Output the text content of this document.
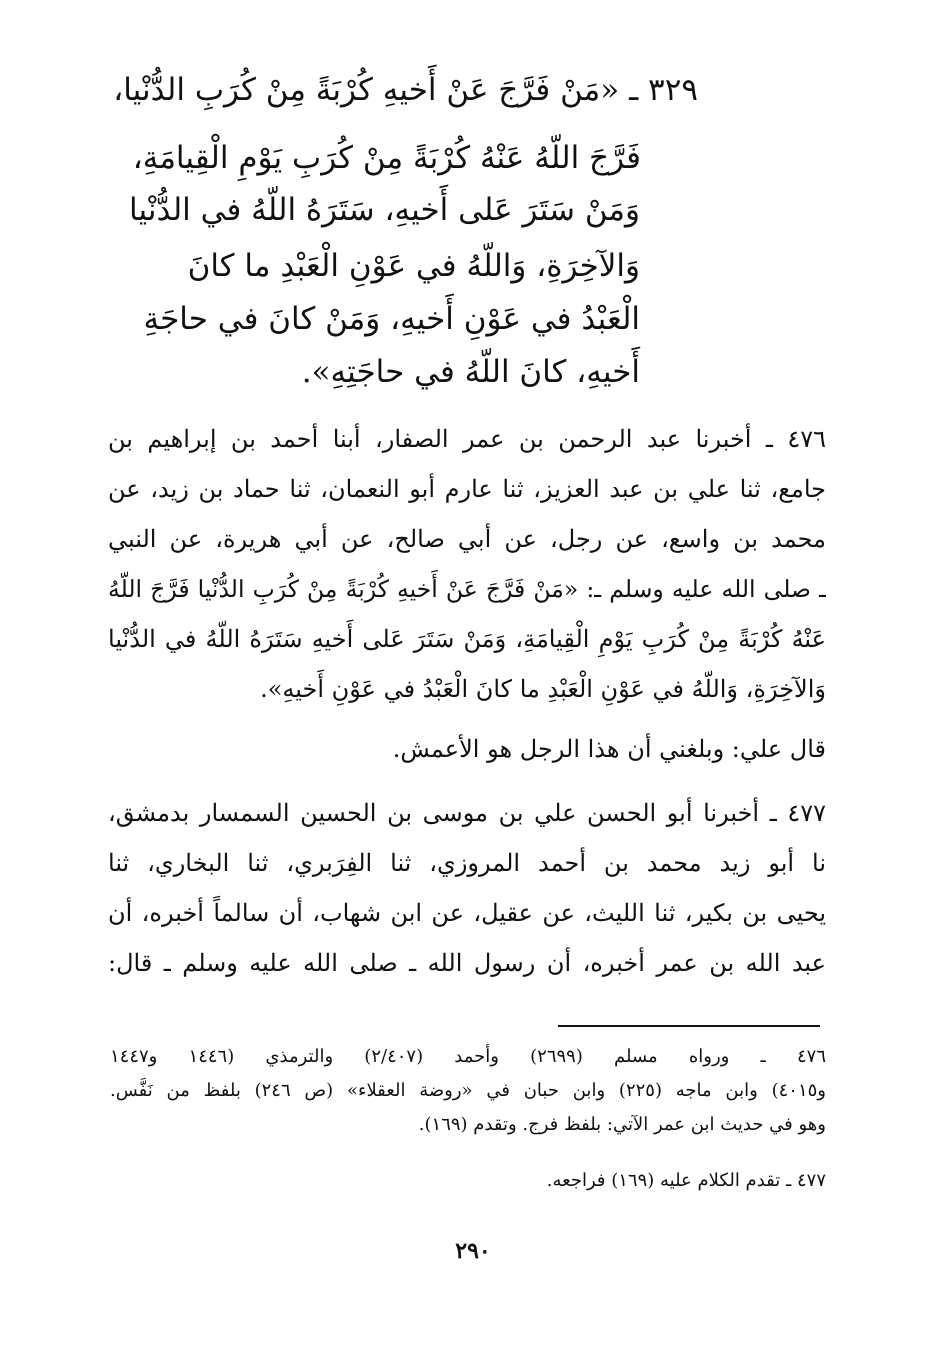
٣٢٩ ـ «مَنْ فَرَّجَ عَنْ أَخيهِ كُرْبَةً مِنْ كُرَبِ الدُّنْيا،
فَرَّجَ اللّهُ عَنْهُ كُرْبَةً مِنْ كُرَبِ يَوْمِ الْقِيامَةِ،
وَمَنْ سَتَرَ عَلى أَخيهِ، سَتَرَهُ اللّهُ في الدُّنْيا
وَالآخِرَةِ، وَاللّهُ في عَوْنِ الْعَبْدِ ما كانَ
الْعَبْدُ في عَوْنِ أَخيهِ، وَمَنْ كانَ في حاجَةِ
أَخيهِ، كانَ اللّهُ في حاجَتِهِ».
٤٧٦ ـ أخبرنا عبد الرحمن بن عمر الصفار، أبنا أحمد بن إبراهيم بن
جامع، ثنا علي بن عبد العزيز، ثنا عارم أبو النعمان، ثنا حماد بن زيد، عن
محمد بن واسع، عن رجل، عن أبي صالح، عن أبي هريرة، عن النبي
ـ صلى الله عليه وسلم ـ: «مَنْ فَرَّجَ عَنْ أَخيهِ كُرْبَةً مِنْ كُرَبِ الدُّنْيا فَرَّجَ اللّهُ
عَنْهُ كُرْبَةً مِنْ كُرَبِ يَوْمِ الْقِيامَةِ، وَمَنْ سَتَرَ عَلى أَخيهِ سَتَرَهُ اللّهُ في الدُّنْيا
وَالآخِرَةِ، وَاللّهُ في عَوْنِ الْعَبْدِ ما كانَ الْعَبْدُ في عَوْنِ أَخيهِ».
قال علي: وبلغني أن هذا الرجل هو الأعمش.
٤٧٧ ـ أخبرنا أبو الحسن علي بن موسى بن الحسين السمسار بدمشق،
نا أبو زيد محمد بن أحمد المروزي، ثنا الفِرَبري، ثنا البخاري، ثنا
يحيى بن بكير، ثنا الليث، عن عقيل، عن ابن شهاب، أن سالماً أخبره، أن
عبد الله بن عمر أخبره، أن رسول الله ـ صلى الله عليه وسلم ـ قال:
٤٧٦ ـ ورواه مسلم (٢٦٩٩) وأحمد (٢/٤٠٧) والترمذي (١٤٤٦ و١٤٤٧
و٤٠١٥) وابن ماجه (٢٢٥) وابن حبان في «روضة العقلاء» (ص ٢٤٦) بلفظ من نَفَّس.
وهو في حديث ابن عمر الآتي: بلفظ فرج. وتقدم (١٦٩).
٤٧٧ ـ تقدم الكلام عليه (١٦٩) فراجعه.
٢٩٠
